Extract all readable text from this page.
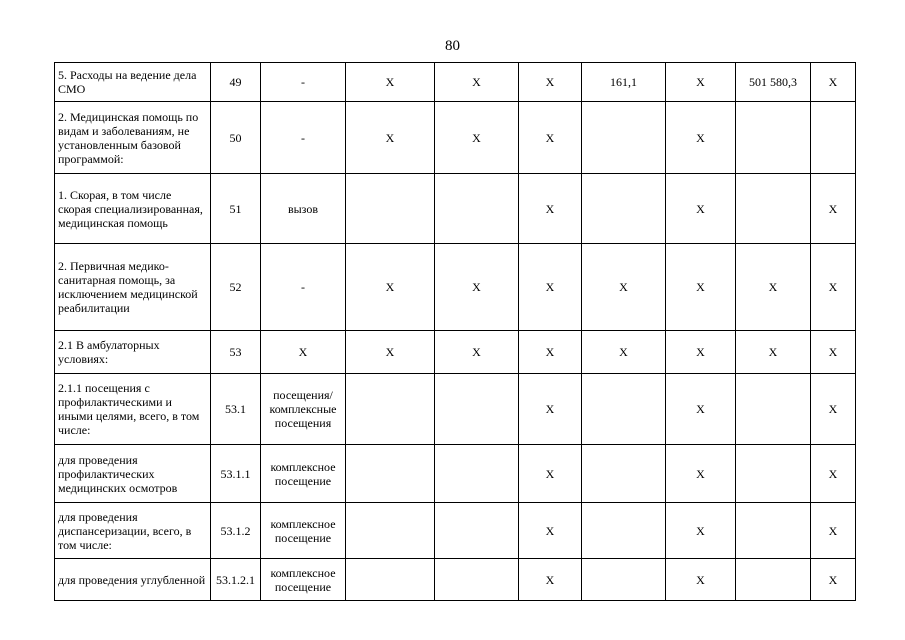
80
5. Расходы на ведение дела СМО	49	-	X	X	X	161,1	X	501 580,3	X
2. Медицинская помощь по видам и заболеваниям, не установленным базовой программой:	50	-	X	X	X		X		
1. Скорая, в том числе скорая специализированная, медицинская помощь	51	вызов			X		X		X
2. Первичная медико-санитарная помощь, за исключением медицинской реабилитации	52	-	X	X	X	X	X	X	X
2.1 В амбулаторных условиях:	53	X	X	X	X	X	X	X	X
2.1.1 посещения с профилактическими и иными целями, всего, в том числе:	53.1	посещения/комплексные посещения			X		X		X
для проведения профилактических медицинских осмотров	53.1.1	комплексное посещение			X		X		X
для проведения диспансеризации, всего, в том числе:	53.1.2	комплексное посещение			X		X		X
для проведения углубленной	53.1.2.1	комплексное посещение			X		X		X
